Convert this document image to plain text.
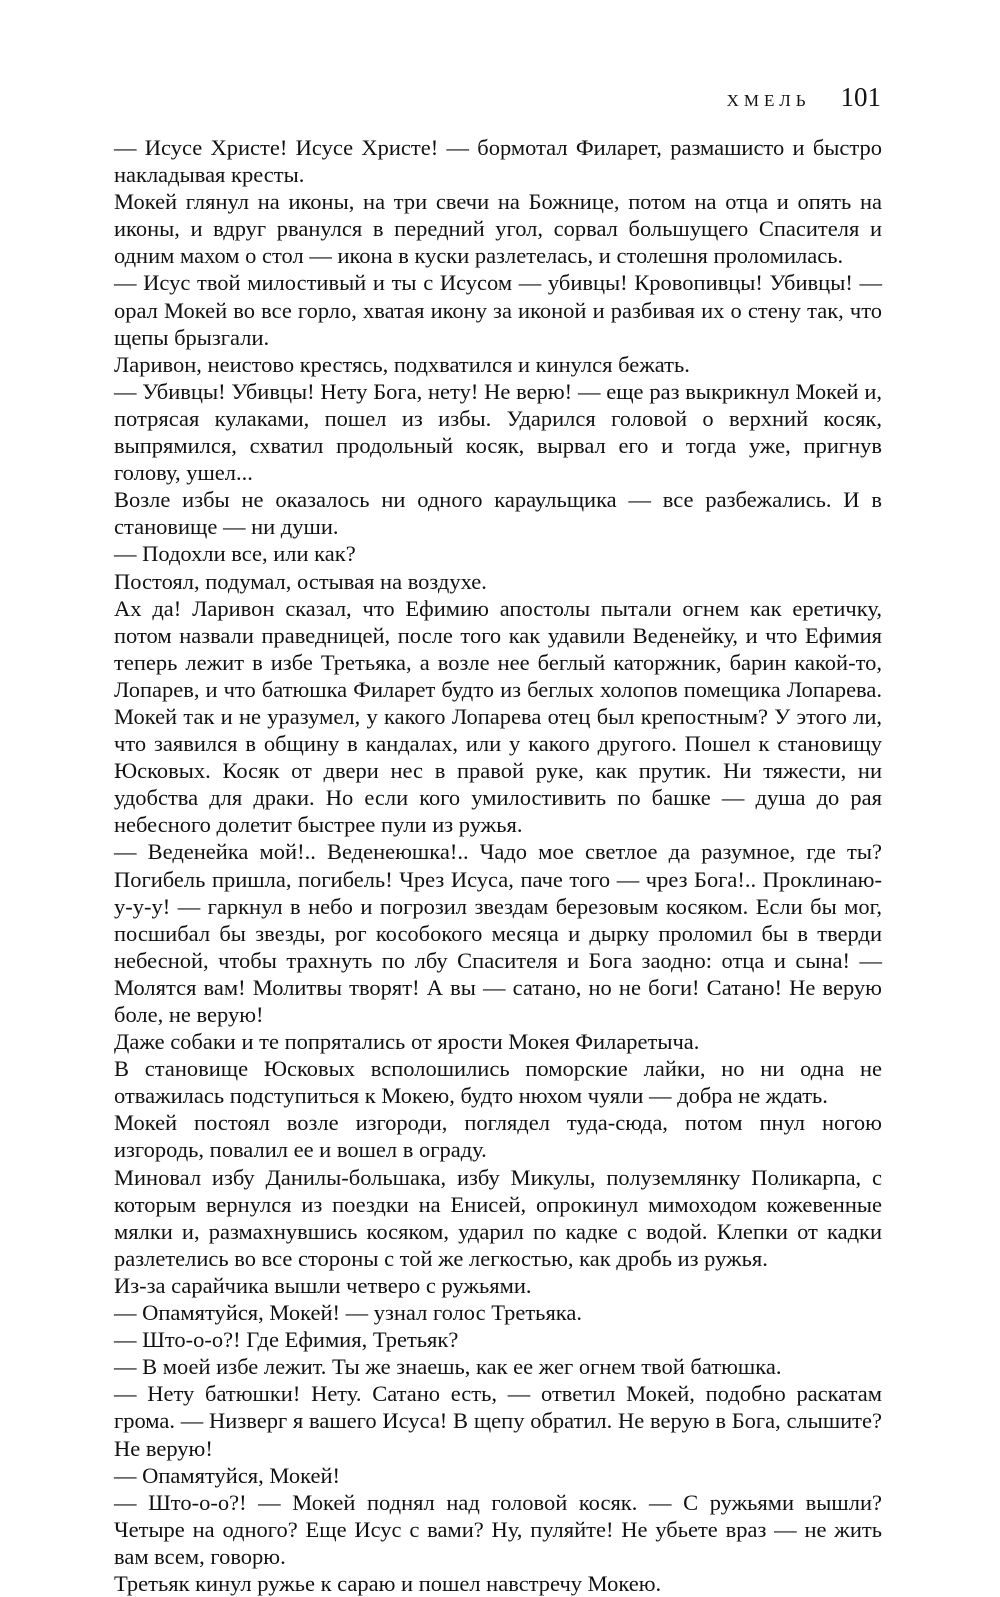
ХМЕЛЬ 101

— Исусе Христе! Исусе Христе! — бормотал Филарет, размашисто и быстро накладывая кресты.

Мокей глянул на иконы, на три свечи на Божнице, потом на отца и опять на иконы, и вдруг рванулся в передний угол, сорвал большущего Спасителя и одним махом о стол — икона в куски разлетелась, и столешня проломилась.

— Исус твой милостивый и ты с Исусом — убивцы! Кровопивцы! Убивцы! — орал Мокей во все горло, хватая икону за иконой и разбивая их о стену так, что щепы брызгали.

Ларивон, неистово крестясь, подхватился и кинулся бежать.

— Убивцы! Убивцы! Нету Бога, нету! Не верю! — еще раз выкрикнул Мокей и, потрясая кулаками, пошел из избы. Ударился головой о верхний косяк, выпрямился, схватил продольный косяк, вырвал его и тогда уже, пригнув голову, ушел...

Возле избы не оказалось ни одного караульщика — все разбежались. И в становище — ни души.

— Подохли все, или как?

Постоял, подумал, остывая на воздухе.

Ах да! Ларивон сказал, что Ефимию апостолы пытали огнем как еретичку, потом назвали праведницей, после того как удавили Веденейку, и что Ефимия теперь лежит в избе Третьяка, а возле нее беглый каторжник, барин какой-то, Лопарев, и что батюшка Филарет будто из беглых холопов помещика Лопарева. Мокей так и не уразумел, у какого Лопарева отец был крепостным? У этого ли, что заявился в общину в кандалах, или у какого другого. Пошел к становищу Юсковых. Косяк от двери нес в правой руке, как прутик. Ни тяжести, ни удобства для драки. Но если кого умилостивить по башке — душа до рая небесного долетит быстрее пули из ружья.

— Веденейка мой!.. Веденеюшка!.. Чадо мое светлое да разумное, где ты? Погибель пришла, погибель! Чрез Исуса, паче того — чрез Бога!.. Проклинаю-у-у-у! — гаркнул в небо и погрозил звездам березовым косяком. Если бы мог, посшибал бы звезды, рог кособокого месяца и дырку проломил бы в тверди небесной, чтобы трахнуть по лбу Спасителя и Бога заодно: отца и сына! — Молятся вам! Молитвы творят! А вы — сатано, но не боги! Сатано! Не верую боле, не верую!

Даже собаки и те попрятались от ярости Мокея Филаретыча.

В становище Юсковых всполошились поморские лайки, но ни одна не отважилась подступиться к Мокею, будто нюхом чуяли — добра не ждать.

Мокей постоял возле изгороди, поглядел туда-сюда, потом пнул ногою изгородь, повалил ее и вошел в ограду.

Миновал избу Данилы-большака, избу Микулы, полуземлянку Поликарпа, с которым вернулся из поездки на Енисей, опрокинул мимоходом кожевенные мялки и, размахнувшись косяком, ударил по кадке с водой. Клепки от кадки разлетелись во все стороны с той же легкостью, как дробь из ружья.

Из-за сарайчика вышли четверо с ружьями.

— Опамятуйся, Мокей! — узнал голос Третьяка.

— Што-о-о?! Где Ефимия, Третьяк?

— В моей избе лежит. Ты же знаешь, как ее жег огнем твой батюшка.

— Нету батюшки! Нету. Сатано есть, — ответил Мокей, подобно раскатам грома. — Низверг я вашего Исуса! В щепу обратил. Не верую в Бога, слышите? Не верую!

— Опамятуйся, Мокей!

— Што-о-о?! — Мокей поднял над головой косяк. — С ружьями вышли? Четыре на одного? Еще Исус с вами? Ну, пуляйте! Не убьете враз — не жить вам всем, говорю.

Третьяк кинул ружье к сараю и пошел навстречу Мокею.
